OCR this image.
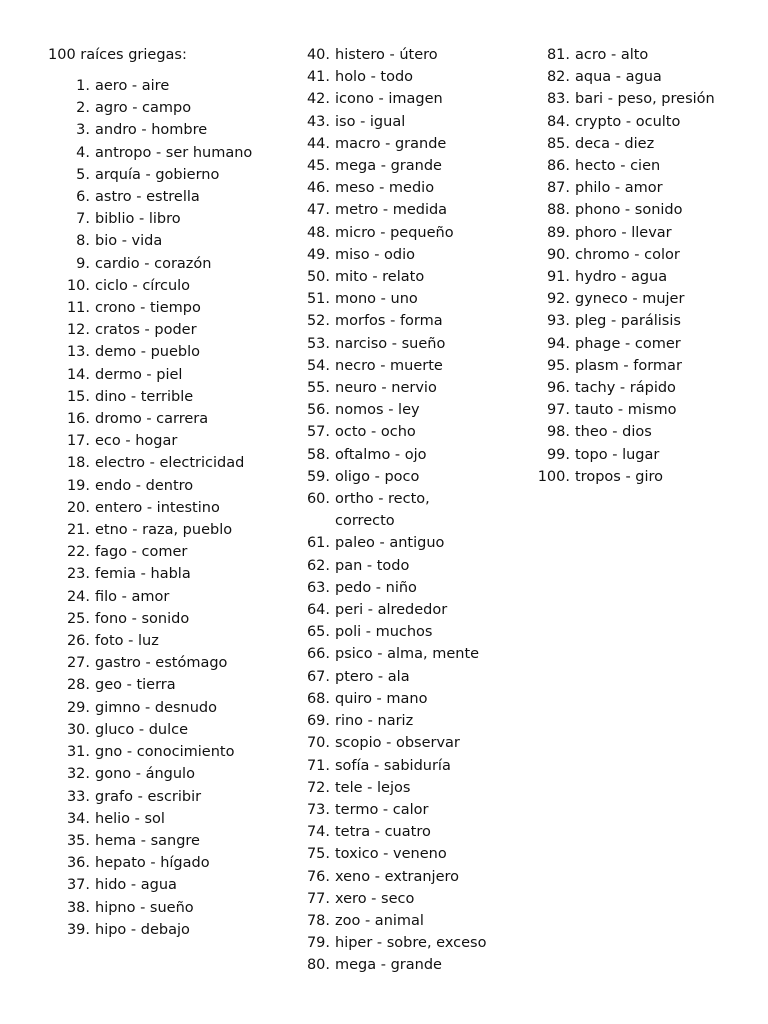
100 raíces griegas:
1. aero - aire
2. agro - campo
3. andro - hombre
4. antropo - ser humano
5. arquía - gobierno
6. astro - estrella
7. biblio - libro
8. bio - vida
9. cardio - corazón
10. ciclo - círculo
11. crono - tiempo
12. cratos - poder
13. demo - pueblo
14. dermo - piel
15. dino - terrible
16. dromo - carrera
17. eco - hogar
18. electro - electricidad
19. endo - dentro
20. entero - intestino
21. etno - raza, pueblo
22. fago - comer
23. femia - habla
24. filo - amor
25. fono - sonido
26. foto - luz
27. gastro - estómago
28. geo - tierra
29. gimno - desnudo
30. gluco - dulce
31. gno - conocimiento
32. gono - ángulo
33. grafo - escribir
34. helio - sol
35. hema - sangre
36. hepato - hígado
37. hido - agua
38. hipno - sueño
39. hipo - debajo
40. histero - útero
41. holo - todo
42. icono - imagen
43. iso - igual
44. macro - grande
45. mega - grande
46. meso - medio
47. metro - medida
48. micro - pequeño
49. miso - odio
50. mito - relato
51. mono - uno
52. morfos - forma
53. narciso - sueño
54. necro - muerte
55. neuro - nervio
56. nomos - ley
57. octo - ocho
58. oftalmo - ojo
59. oligo - poco
60. ortho - recto, correcto
61. paleo - antiguo
62. pan - todo
63. pedo - niño
64. peri - alrededor
65. poli - muchos
66. psico - alma, mente
67. ptero - ala
68. quiro - mano
69. rino - nariz
70. scopio - observar
71. sofía - sabiduría
72. tele - lejos
73. termo - calor
74. tetra - cuatro
75. toxico - veneno
76. xeno - extranjero
77. xero - seco
78. zoo - animal
79. hiper - sobre, exceso
80. mega - grande
81. acro - alto
82. aqua - agua
83. bari - peso, presión
84. crypto - oculto
85. deca - diez
86. hecto - cien
87. philo - amor
88. phono - sonido
89. phoro - llevar
90. chromo - color
91. hydro - agua
92. gyneco - mujer
93. pleg - parálisis
94. phage - comer
95. plasm - formar
96. tachy - rápido
97. tauto - mismo
98. theo - dios
99. topo - lugar
100. tropos - giro
